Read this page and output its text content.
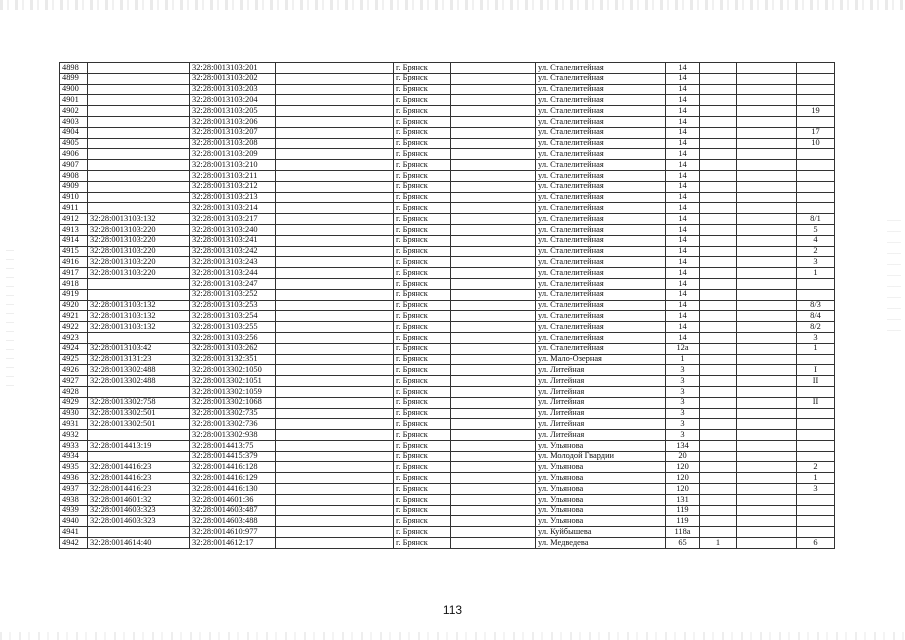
4898		32:28:0013103:201		г. Брянск		ул. Сталелитейная	14			
4899		32:28:0013103:202		г. Брянск		ул. Сталелитейная	14			
4900		32:28:0013103:203		г. Брянск		ул. Сталелитейная	14			
4901		32:28:0013103:204		г. Брянск		ул. Сталелитейная	14			
4902		32:28:0013103:205		г. Брянск		ул. Сталелитейная	14			19
4903		32:28:0013103:206		г. Брянск		ул. Сталелитейная	14			
4904		32:28:0013103:207		г. Брянск		ул. Сталелитейная	14			17
4905		32:28:0013103:208		г. Брянск		ул. Сталелитейная	14			10
4906		32:28:0013103:209		г. Брянск		ул. Сталелитейная	14			
4907		32:28:0013103:210		г. Брянск		ул. Сталелитейная	14			
4908		32:28:0013103:211		г. Брянск		ул. Сталелитейная	14			
4909		32:28:0013103:212		г. Брянск		ул. Сталелитейная	14			
4910		32:28:0013103:213		г. Брянск		ул. Сталелитейная	14			
4911		32:28:0013103:214		г. Брянск		ул. Сталелитейная	14			
4912	32:28:0013103:132	32:28:0013103:217		г. Брянск		ул. Сталелитейная	14			8/1
4913	32:28:0013103:220	32:28:0013103:240		г. Брянск		ул. Сталелитейная	14			5
4914	32:28:0013103:220	32:28:0013103:241		г. Брянск		ул. Сталелитейная	14			4
4915	32:28:0013103:220	32:28:0013103:242		г. Брянск		ул. Сталелитейная	14			2
4916	32:28:0013103:220	32:28:0013103:243		г. Брянск		ул. Сталелитейная	14			3
4917	32:28:0013103:220	32:28:0013103:244		г. Брянск		ул. Сталелитейная	14			1
4918		32:28:0013103:247		г. Брянск		ул. Сталелитейная	14			
4919		32:28:0013103:252		г. Брянск		ул. Сталелитейная	14			
4920	32:28:0013103:132	32:28:0013103:253		г. Брянск		ул. Сталелитейная	14			8/3
4921	32:28:0013103:132	32:28:0013103:254		г. Брянск		ул. Сталелитейная	14			8/4
4922	32:28:0013103:132	32:28:0013103:255		г. Брянск		ул. Сталелитейная	14			8/2
4923		32:28:0013103:256		г. Брянск		ул. Сталелитейная	14			3
4924	32:28:0013103:42	32:28:0013103:262		г. Брянск		ул. Сталелитейная	12a			1
4925	32:28:0013131:23	32:28:0013132:351		г. Брянск		ул. Мало-Озерная	1			
4926	32:28:0013302:488	32:28:0013302:1050		г. Брянск		ул. Литейная	3			I
4927	32:28:0013302:488	32:28:0013302:1051		г. Брянск		ул. Литейная	3			II
4928		32:28:0013302:1059		г. Брянск		ул. Литейная	3			
4929	32:28:0013302:758	32:28:0013302:1068		г. Брянск		ул. Литейная	3			II
4930	32:28:0013302:501	32:28:0013302:735		г. Брянск		ул. Литейная	3			
4931	32:28:0013302:501	32:28:0013302:736		г. Брянск		ул. Литейная	3			
4932		32:28:0013302:938		г. Брянск		ул. Литейная	3			
4933	32:28:0014413:19	32:28:0014413:75		г. Брянск		ул. Ульянова	134			
4934		32:28:0014415:379		г. Брянск		ул. Молодой Гвардии	20			
4935	32:28:0014416:23	32:28:0014416:128		г. Брянск		ул. Ульянова	120			2
4936	32:28:0014416:23	32:28:0014416:129		г. Брянск		ул. Ульянова	120			1
4937	32:28:0014416:23	32:28:0014416:130		г. Брянск		ул. Ульянова	120			3
4938	32:28:0014601:32	32:28:0014601:36		г. Брянск		ул. Ульянова	131			
4939	32:28:0014603:323	32:28:0014603:487		г. Брянск		ул. Ульянова	119			
4940	32:28:0014603:323	32:28:0014603:488		г. Брянск		ул. Ульянова	119			
4941		32:28:0014610:977		г. Брянск		ул. Куйбышева	118a			
4942	32:28:0014614:40	32:28:0014612:17		г. Брянск		ул. Медведева	65	1		6
113
